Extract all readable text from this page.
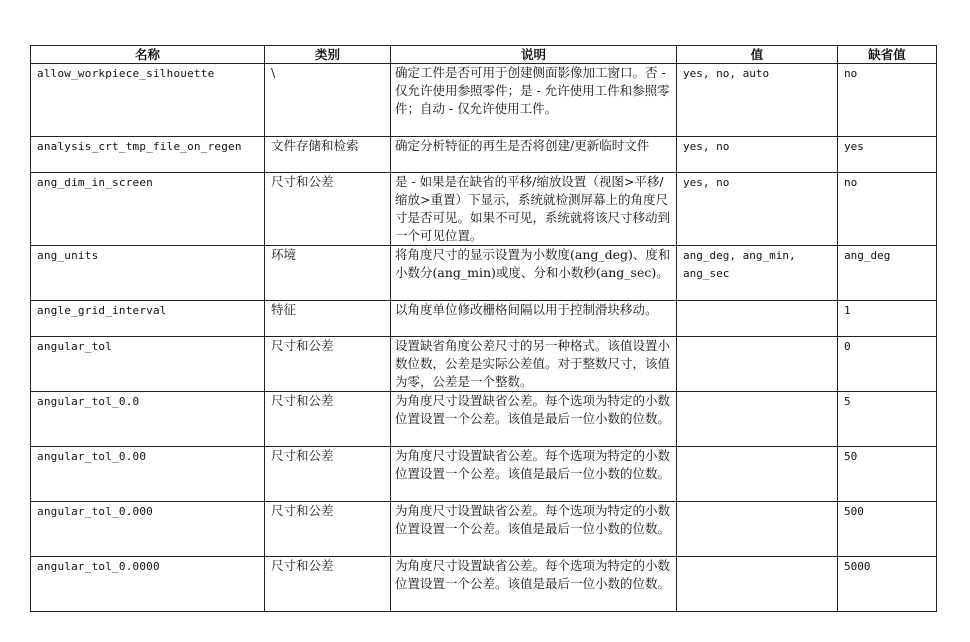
名称	类别	说明	值	缺省值
allow_workpiece_silhouette	\	确定工件是否可用于创建侧面影像加工窗口。否 - 仅允许使用参照零件；是 - 允许使用工件和参照零件；自动 - 仅允许使用工件。	yes, no, auto	no
analysis_crt_tmp_file_on_regen	文件存储和检索	确定分析特征的再生是否将创建/更新临时文件	yes, no	yes
ang_dim_in_screen	尺寸和公差	是 - 如果是在缺省的平移/缩放设置（视图>平移/缩放>重置）下显示，系统就检测屏幕上的角度尺寸是否可见。如果不可见，系统就将该尺寸移动到一个可见位置。	yes, no	no
ang_units	环境	将角度尺寸的显示设置为小数度(ang_deg)、度和小数分(ang_min)或度、分和小数秒(ang_sec)。	ang_deg, ang_min, ang_sec	ang_deg
angle_grid_interval	特征	以角度单位修改栅格间隔以用于控制滑块移动。		1
angular_tol	尺寸和公差	设置缺省角度公差尺寸的另一种格式。该值设置小数位数，公差是实际公差值。对于整数尺寸，该值为零，公差是一个整数。		0
angular_tol_0.0	尺寸和公差	为角度尺寸设置缺省公差。每个选项为特定的小数位置设置一个公差。该值是最后一位小数的位数。		5
angular_tol_0.00	尺寸和公差	为角度尺寸设置缺省公差。每个选项为特定的小数位置设置一个公差。该值是最后一位小数的位数。		50
angular_tol_0.000	尺寸和公差	为角度尺寸设置缺省公差。每个选项为特定的小数位置设置一个公差。该值是最后一位小数的位数。		500
angular_tol_0.0000	尺寸和公差	为角度尺寸设置缺省公差。每个选项为特定的小数位置设置一个公差。该值是最后一位小数的位数。		5000
